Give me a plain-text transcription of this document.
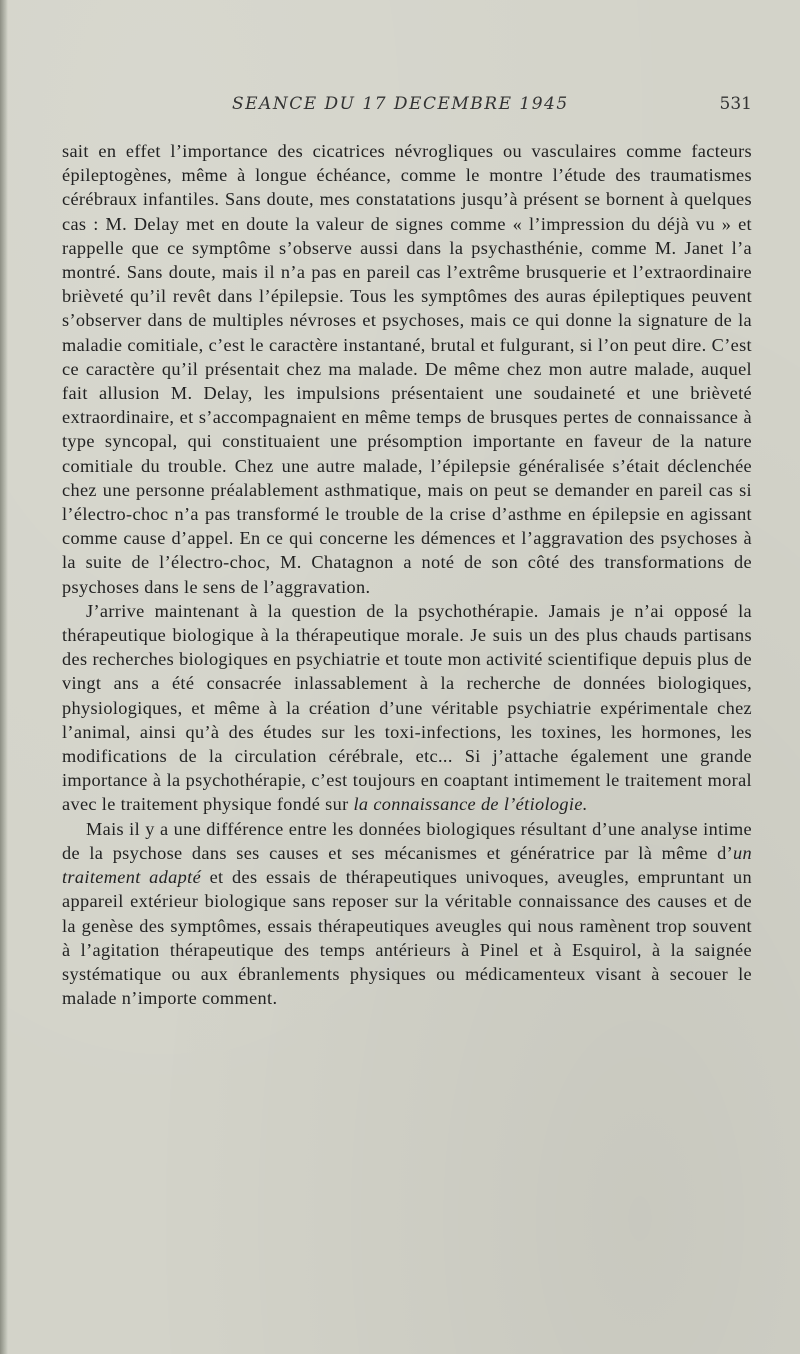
SEANCE DU 17 DECEMBRE 1945	531

sait en effet l’importance des cicatrices névrogliques ou vasculaires comme facteurs épileptogènes, même à longue échéance, comme le montre l’étude des traumatismes cérébraux infantiles. Sans doute, mes constatations jusqu’à présent se bornent à quelques cas : M. Delay met en doute la valeur de signes comme « l’impression du déjà vu » et rappelle que ce symptôme s’observe aussi dans la psychasthénie, comme M. Janet l’a montré. Sans doute, mais il n’a pas en pareil cas l’extrême brusquerie et l’extraordinaire brièveté qu’il revêt dans l’épilepsie. Tous les symptômes des auras épileptiques peuvent s’observer dans de multiples névroses et psychoses, mais ce qui donne la signature de la maladie comitiale, c’est le caractère instantané, brutal et fulgurant, si l’on peut dire. C’est ce caractère qu’il présentait chez ma malade. De même chez mon autre malade, auquel fait allusion M. Delay, les impulsions présentaient une soudaineté et une brièveté extraordinaire, et s’accompagnaient en même temps de brusques pertes de connaissance à type syncopal, qui constituaient une présomption importante en faveur de la nature comitiale du trouble. Chez une autre malade, l’épilepsie généralisée s’était déclenchée chez une personne préalablement asthmatique, mais on peut se demander en pareil cas si l’électro-choc n’a pas transformé le trouble de la crise d’asthme en épilepsie en agissant comme cause d’appel. En ce qui concerne les démences et l’aggravation des psychoses à la suite de l’électro-choc, M. Chatagnon a noté de son côté des transformations de psychoses dans le sens de l’aggravation.

J’arrive maintenant à la question de la psychothérapie. Jamais je n’ai opposé la thérapeutique biologique à la thérapeutique morale. Je suis un des plus chauds partisans des recherches biologiques en psychiatrie et toute mon activité scientifique depuis plus de vingt ans a été consacrée inlassablement à la recherche de données biologiques, physiologiques, et même à la création d’une véritable psychiatrie expérimentale chez l’animal, ainsi qu’à des études sur les toxi-infections, les toxines, les hormones, les modifications de la circulation cérébrale, etc... Si j’attache également une grande importance à la psychothérapie, c’est toujours en coaptant intimement le traitement moral avec le traitement physique fondé sur la connaissance de l’étiologie.

Mais il y a une différence entre les données biologiques résultant d’une analyse intime de la psychose dans ses causes et ses mécanismes et génératrice par là même d’un traitement adapté et des essais de thérapeutiques univoques, aveugles, empruntant un appareil extérieur biologique sans reposer sur la véritable connaissance des causes et de la genèse des symptômes, essais thérapeutiques aveugles qui nous ramènent trop souvent à l’agitation thérapeutique des temps antérieurs à Pinel et à Esquirol, à la saignée systématique ou aux ébranlements physiques ou médicamenteux visant à secouer le malade n’importe comment.
